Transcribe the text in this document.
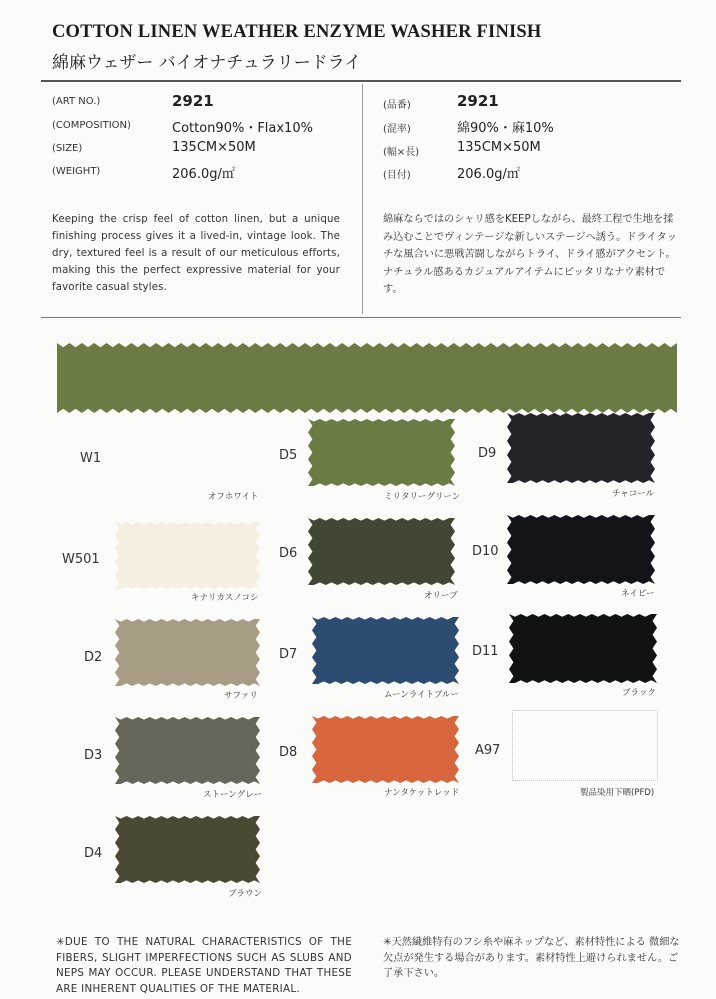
COTTON LINEN WEATHER ENZYME WASHER FINISH
綿麻ウェザー バイオナチュラリードライ
(ART NO.)	2921
(COMPOSITION)	Cotton90%・Flax10%
(SIZE)	135CM×50M
(WEIGHT)	206.0g/㎡
(品番)	2921
(混率)	綿90%・麻10%
(幅×長)	135CM×50M
(目付)	206.0g/㎡
Keeping the crisp feel of cotton linen, but a unique finishing process gives it a lived-in, vintage look. The dry, textured feel is a result of our meticulous efforts, making this the perfect expressive material for your favorite casual styles.
綿麻ならではのシャリ感をKEEPしながら、最終工程で生地を揉み込むことでヴィンテージな新しいステージへ誘う。ドライタッチな風合いに悪戦苦闘しながらトライ、ドライ感がアクセント。ナチュラル感あるカジュアルアイテムにピッタリなナウ素材です。
W1
オフホワイト
W501
キナリカスノコシ
D2
サファリ
D3
ストーングレー
D4
ブラウン
D5
ミリタリーグリーン
D6
オリーブ
D7
ムーンライトブルー
D8
ナンタケットレッド
D9
チャコール
D10
ネイビー
D11
ブラック
A97
製品染用下晒(PFD)
✳DUE TO THE NATURAL CHARACTERISTICS OF THE FIBERS, SLIGHT IMPERFECTIONS SUCH AS SLUBS AND NEPS MAY OCCUR. PLEASE UNDERSTAND THAT THESE ARE INHERENT QUALITIES OF THE MATERIAL.
✳天然繊維特有のフシ糸や麻ネップなど、素材特性による 微細な欠点が発生する場合があります。素材特性上避けられません。ご了承下さい。
